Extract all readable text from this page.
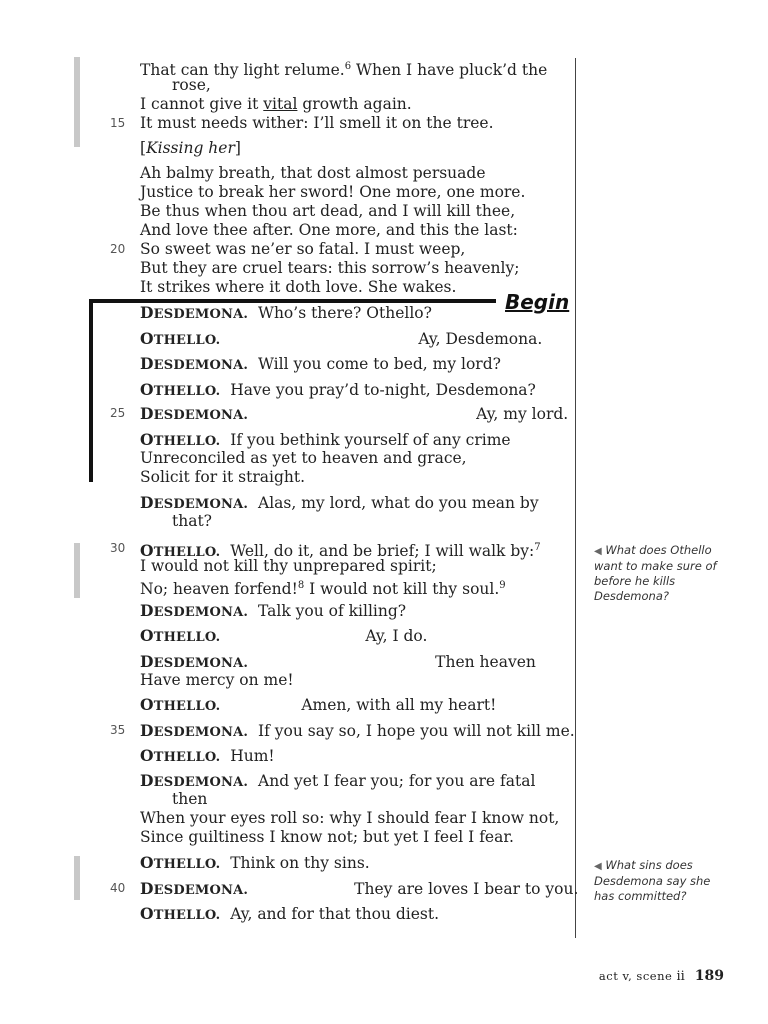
Begin
15
20
25
30
35
40
That can thy light relume.$^6$ When I have pluck’d the
rose,
I cannot give it vital growth again.
It must needs wither: I’ll smell it on the tree.
[Kissing her]
Ah balmy breath, that dost almost persuade
Justice to break her sword! One more, one more.
Be thus when thou art dead, and I will kill thee,
And love thee after. One more, and this the last:
So sweet was ne’er so fatal. I must weep,
But they are cruel tears: this sorrow’s heavenly;
It strikes where it doth love. She wakes.
DESDEMONA. Who’s there? Othello?
OTHELLO.	Ay, Desdemona.
DESDEMONA. Will you come to bed, my lord?
OTHELLO. Have you pray’d to-night, Desdemona?
DESDEMONA.	Ay, my lord.
OTHELLO. If you bethink yourself of any crime
Unreconciled as yet to heaven and grace,
Solicit for it straight.
DESDEMONA. Alas, my lord, what do you mean by
that?
OTHELLO. Well, do it, and be brief; I will walk by:$^7$
I would not kill thy unprepared spirit;
No; heaven forfend!$^8$ I would not kill thy soul.$^9$
DESDEMONA. Talk you of killing?
OTHELLO.	Ay, I do.
DESDEMONA.	Then heaven
Have mercy on me!
OTHELLO.	Amen, with all my heart!
DESDEMONA. If you say so, I hope you will not kill me.
OTHELLO. Hum!
DESDEMONA. And yet I fear you; for you are fatal
then
When your eyes roll so: why I should fear I know not,
Since guiltiness I know not; but yet I feel I fear.
OTHELLO. Think on thy sins.
DESDEMONA.	They are loves I bear to you.
OTHELLO. Ay, and for that thou diest.
◀ What does Othello want to make sure of before he kills Desdemona?
◀ What sins does Desdemona say she has committed?
act v, scene ii 189
